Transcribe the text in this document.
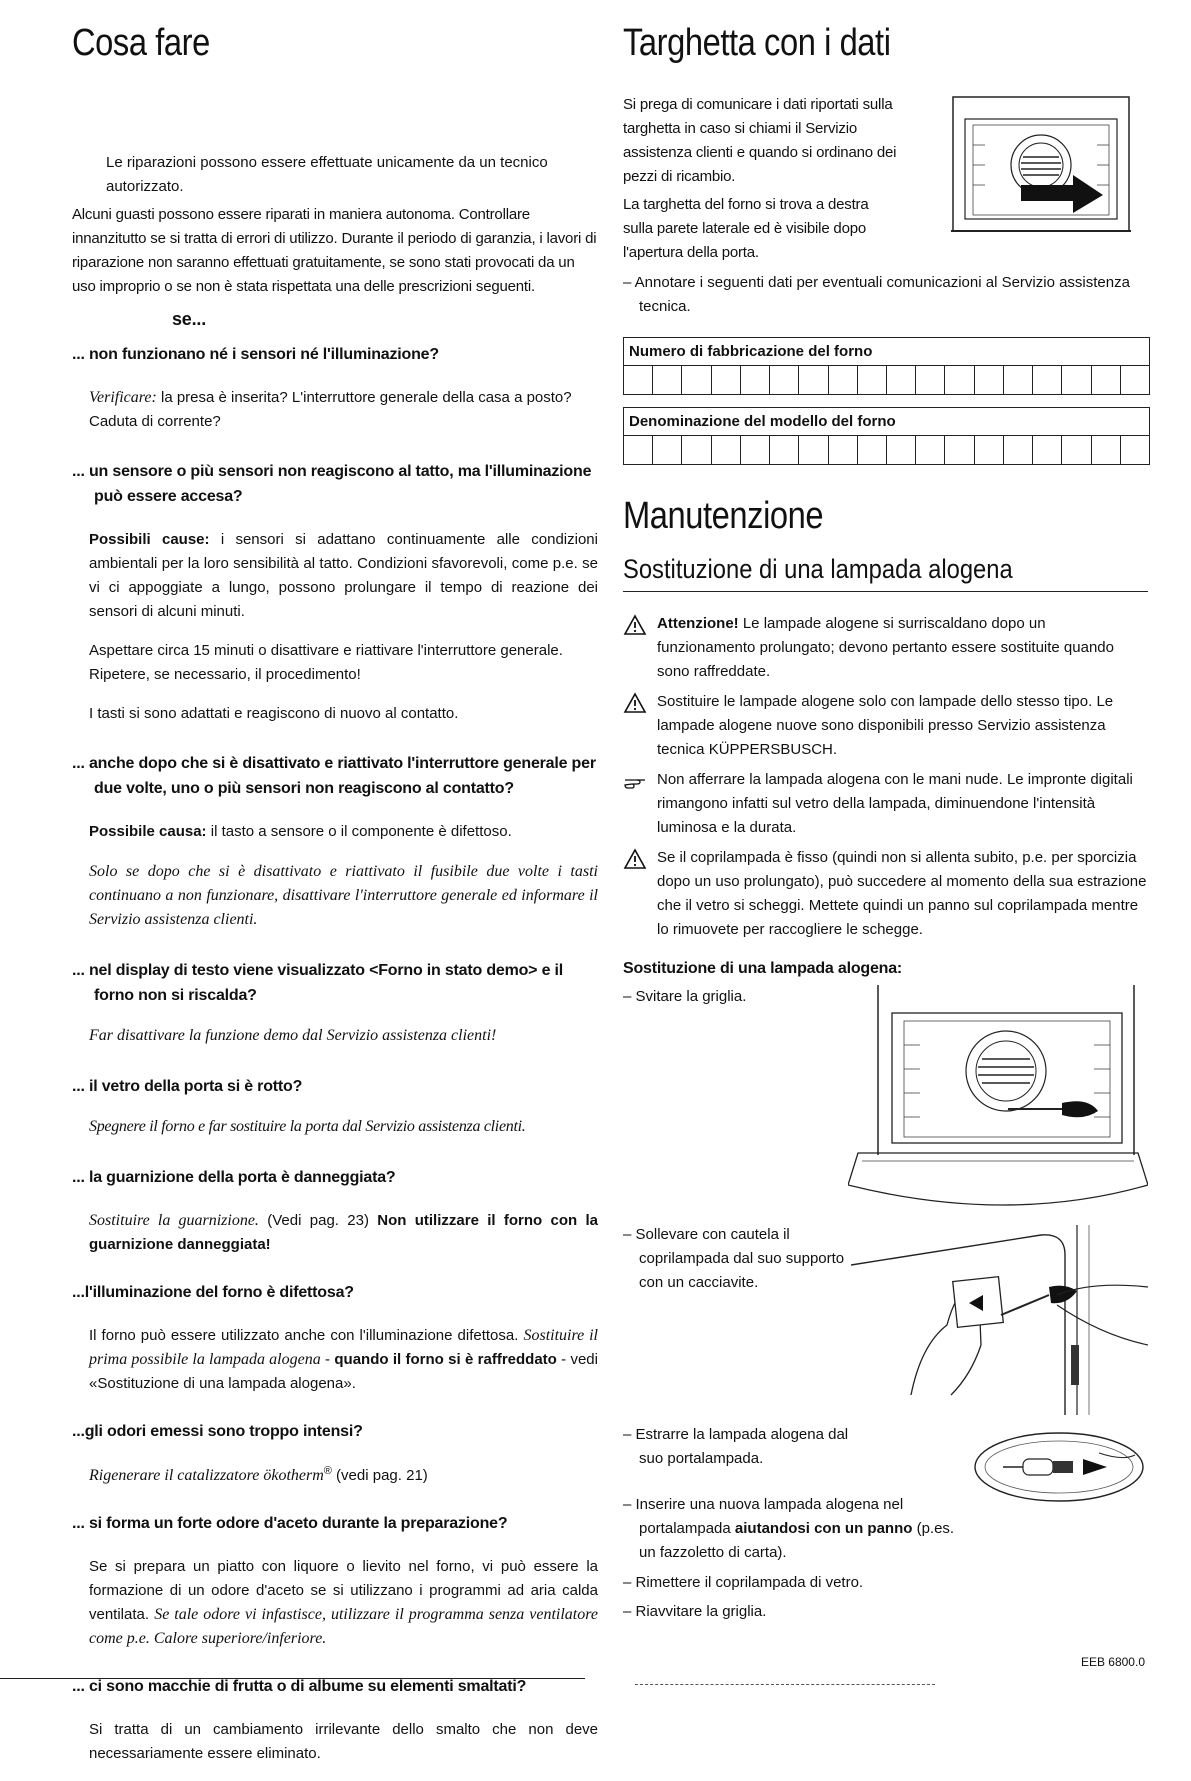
Cosa fare

Le riparazioni possono essere effettuate unicamente da un tecnico autorizzato.

Alcuni guasti possono essere riparati in maniera autonoma. Controllare innanzitutto se si tratta di errori di utilizzo. Durante il periodo di garanzia, i lavori di riparazione non saranno effettuati gratuitamente, se sono stati provocati da un uso improprio o se non è stata rispettata una delle prescrizioni seguenti.

se...

... non funzionano né i sensori né l'illuminazione?

Verificare: la presa è inserita? L'interruttore generale della casa a posto? Caduta di corrente?

... un sensore o più sensori non reagiscono al tatto, ma l'illuminazione può essere accesa?

Possibili cause: i sensori si adattano continuamente alle condizioni ambientali per la loro sensibilità al tatto. Condizioni sfavorevoli, come p.e. se vi ci appoggiate a lungo, possono prolungare il tempo di reazione dei sensori di alcuni minuti.

Aspettare circa 15 minuti o disattivare e riattivare l'interruttore generale. Ripetere, se necessario, il procedimento!

I tasti si sono adattati e reagiscono di nuovo al contatto.

... anche dopo che si è disattivato e riattivato l'interruttore generale per due volte, uno o più sensori non reagiscono al contatto?

Possibile causa: il tasto a sensore o il componente è difettoso.

Solo se dopo che si è disattivato e riattivato il fusibile due volte i tasti continuano a non funzionare, disattivare l'interruttore generale ed informare il Servizio assistenza clienti.

... nel display di testo viene visualizzato <Forno in stato demo> e il forno non si riscalda?

Far disattivare la funzione demo dal Servizio assistenza clienti!

... il vetro della porta si è rotto?

Spegnere il forno e far sostituire la porta dal Servizio assistenza clienti.

... la guarnizione della porta è danneggiata?

Sostituire la guarnizione. (Vedi pag. 23) Non utilizzare il forno con la guarnizione danneggiata!

...l'illuminazione del forno è difettosa?

Il forno può essere utilizzato anche con l'illuminazione difettosa. Sostituire il prima possibile la lampada alogena - quando il forno si è raffreddato - vedi «Sostituzione di una lampada alogena».

...gli odori emessi sono troppo intensi?

Rigenerare il catalizzatore ökotherm® (vedi pag. 21)

... si forma un forte odore d'aceto durante la preparazione?

Se si prepara un piatto con liquore o lievito nel forno, vi può essere la formazione di un odore d'aceto se si utilizzano i programmi ad aria calda ventilata. Se tale odore vi infastisce, utilizzare il programma senza ventilatore come p.e. Calore superiore/inferiore.

... ci sono macchie di frutta o di albume su elementi smaltati?

Si tratta di un cambiamento irrilevante dello smalto che non deve necessariamente essere eliminato.

Targhetta con i dati

Si prega di comunicare i dati riportati sulla targhetta in caso si chiami il Servizio assistenza clienti e quando si ordinano dei pezzi di ricambio.

La targhetta del forno si trova a destra sulla parete laterale ed è visibile dopo l'apertura della porta.

– Annotare i seguenti dati per eventuali comunicazioni al Servizio assistenza tecnica.

Numero di fabbricazione del forno
Denominazione del modello del forno
Manutenzione
Sostituzione di una lampada alogena

Attenzione! Le lampade alogene si surriscaldano dopo un funzionamento prolungato; devono pertanto essere sostituite quando sono raffreddate.

Sostituire le lampade alogene solo con lampade dello stesso tipo. Le lampade alogene nuove sono disponibili presso Servizio assistenza tecnica KÜPPERSBUSCH.

Non afferrare la lampada alogena con le mani nude. Le impronte digitali rimangono infatti sul vetro della lampada, diminuendone l'intensità luminosa e la durata.

Se il coprilampada è fisso (quindi non si allenta subito, p.e. per sporcizia dopo un uso prolungato), può succedere al momento della sua estrazione che il vetro si scheggi. Mettete quindi un panno sul coprilampada mentre lo rimuovete per raccogliere le schegge.

Sostituzione di una lampada alogena:

– Svitare la griglia.

– Sollevare con cautela il coprilampada dal suo supporto con un cacciavite.

– Estrarre la lampada alogena dal suo portalampada.

– Inserire una nuova lampada alogena nel portalampada aiutandosi con un panno (p.es. un fazzoletto di carta).

– Rimettere il coprilampada di vetro.

– Riavvitare la griglia.

EEB 6800.0
